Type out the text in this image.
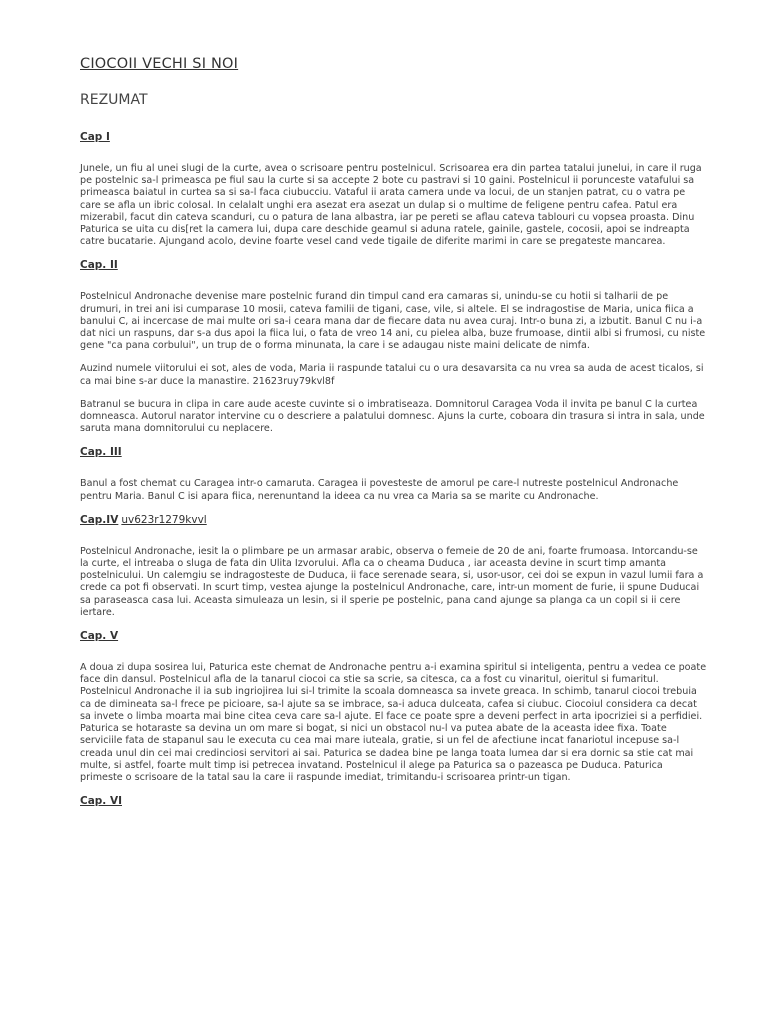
CIOCOII VECHI SI NOI
REZUMAT
Cap I

Junele, un fiu al unei slugi de la curte, avea o scrisoare pentru postelnicul. Scrisoarea era din partea tatalui junelui, in care il ruga pe postelnic sa-l primeasca pe fiul sau la curte si sa accepte 2 bote cu pastravi si 10 gaini. Postelnicul ii porunceste vatafului sa primeasca baiatul in curtea sa si sa-l faca ciubucciu. Vataful ii arata camera unde va locui, de un stanjen patrat, cu o vatra pe care se afla un ibric colosal. In celalalt unghi era asezat era asezat un dulap si o multime de feligene pentru cafea. Patul era mizerabil, facut din cateva scanduri, cu o patura de lana albastra, iar pe pereti se aflau cateva tablouri cu vopsea proasta. Dinu Paturica se uita cu dis[ret la camera lui, dupa care deschide geamul si aduna ratele, gainile, gastele, cocosii, apoi se indreapta catre bucatarie. Ajungand acolo, devine foarte vesel cand vede tigaile de diferite marimi in care se pregateste mancarea.

Cap. II

Postelnicul Andronache devenise mare postelnic furand din timpul cand era camaras si, unindu-se cu hotii si talharii de pe drumuri, in trei ani isi cumparase 10 mosii, cateva familii de tigani, case, vile, si altele. El se indragostise de Maria, unica fiica a banului C, ai incercase de mai multe ori sa-i ceara mana dar de fiecare data nu avea curaj. Intr-o buna zi, a izbutit. Banul C nu i-a dat nici un raspuns, dar s-a dus apoi la fiica lui, o fata de vreo 14 ani, cu pielea alba, buze frumoase, dintii albi si frumosi, cu niste gene "ca pana corbului", un trup de o forma minunata, la care i se adaugau niste maini delicate de nimfa.

Auzind numele viitorului ei sot, ales de voda, Maria ii raspunde tatalui cu o ura desavarsita ca nu vrea sa auda de acest ticalos, si ca mai bine s-ar duce la manastire. 21623ruy79kvl8f

Batranul se bucura in clipa in care aude aceste cuvinte si o imbratiseaza. Domnitorul Caragea Voda il invita pe banul C la curtea domneasca. Autorul narator intervine cu o descriere a palatului domnesc. Ajuns la curte, coboara din trasura si intra in sala, unde saruta mana domnitorului cu neplacere.

Cap. III

Banul a fost chemat cu Caragea intr-o camaruta. Caragea ii povesteste de amorul pe care-l nutreste postelnicul Andronache pentru Maria. Banul C isi apara fiica, nerenuntand la ideea ca nu vrea ca Maria sa se marite cu Andronache.

Cap.IV uv623r1279kvvl

Postelnicul Andronache, iesit la o plimbare pe un armasar arabic, observa o femeie de 20 de ani, foarte frumoasa. Intorcandu-se la curte, el intreaba o sluga de fata din Ulita Izvorului. Afla ca o cheama Duduca , iar aceasta devine in scurt timp amanta postelnicului. Un calemgiu se indragosteste de Duduca, ii face serenade seara, si, usor-usor, cei doi se expun in vazul lumii fara a crede ca pot fi observati. In scurt timp, vestea ajunge la postelnicul Andronache, care, intr-un moment de furie, ii spune Duducai sa paraseasca casa lui. Aceasta simuleaza un lesin, si il sperie pe postelnic, pana cand ajunge sa planga ca un copil si ii cere iertare.

Cap. V

A doua zi dupa sosirea lui, Paturica este chemat de Andronache pentru a-i examina spiritul si inteligenta, pentru a vedea ce poate face din dansul. Postelnicul afla de la tanarul ciocoi ca stie sa scrie, sa citesca, ca a fost cu vinaritul, oieritul si fumaritul. Postelnicul Andronache il ia sub ingriojirea lui si-l trimite la scoala domneasca sa invete greaca. In schimb, tanarul ciocoi trebuia ca de dimineata sa-l frece pe picioare, sa-l ajute sa se imbrace, sa-i aduca dulceata, cafea si ciubuc. Ciocoiul considera ca decat sa invete o limba moarta mai bine citea ceva care sa-l ajute. El face ce poate spre a deveni perfect in arta ipocriziei si a perfidiei. Paturica se hotaraste sa devina un om mare si bogat, si nici un obstacol nu-l va putea abate de la aceasta idee fixa. Toate serviciile fata de stapanul sau le executa cu cea mai mare iuteala, gratie, si un fel de afectiune incat fanariotul incepuse sa-l creada unul din cei mai credinciosi servitori ai sai. Paturica se dadea bine pe langa toata lumea dar si era dornic sa stie cat mai multe, si astfel, foarte mult timp isi petrecea invatand. Postelnicul il alege pa Paturica sa o pazeasca pe Duduca. Paturica primeste o scrisoare de la tatal sau la care ii raspunde imediat, trimitandu-i scrisoarea printr-un tigan.

Cap. VI
